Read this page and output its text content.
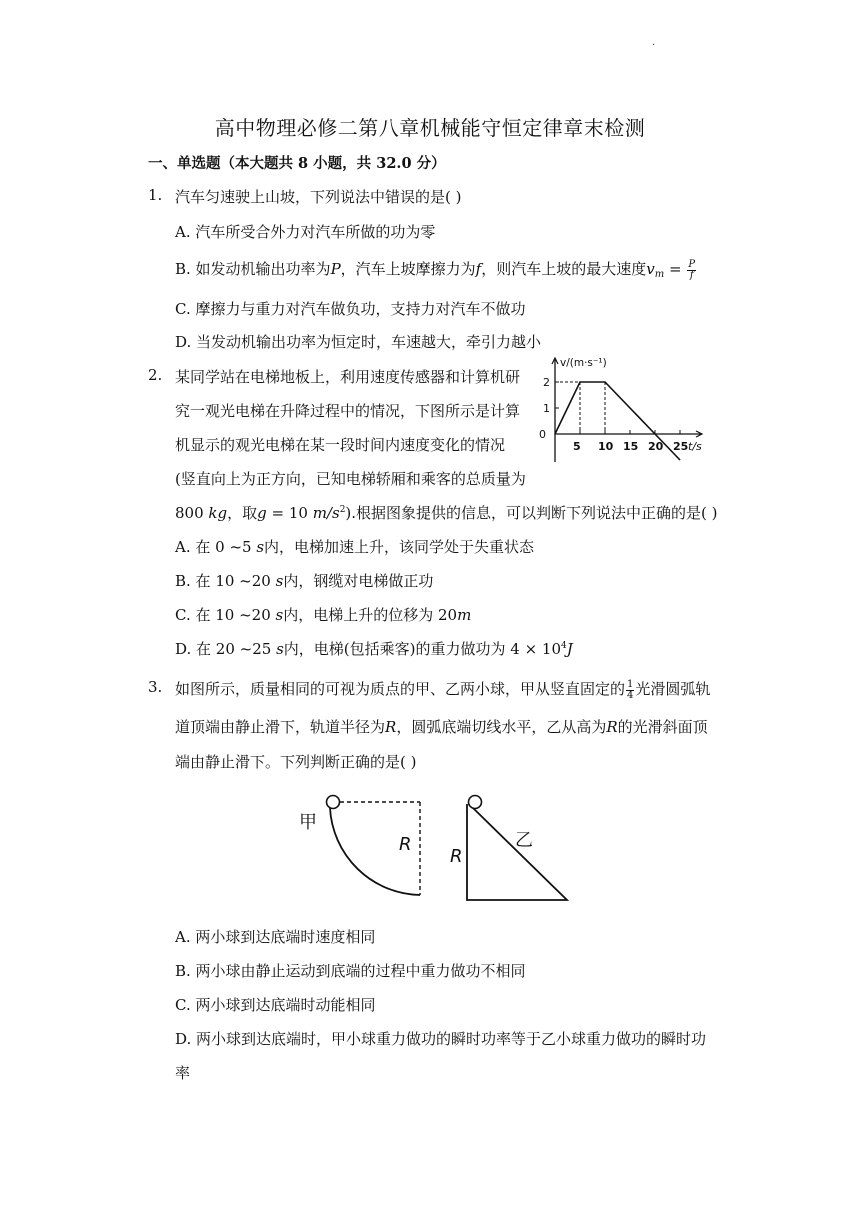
·
高中物理必修二第八章机械能守恒定律章末检测
一、单选题（本大题共 8 小题，共 32.0 分）
1. 汽车匀速驶上山坡，下列说法中错误的是( )
A. 汽车所受合外力对汽车所做的功为零
B. 如发动机输出功率为P，汽车上坡摩擦力为f，则汽车上坡的最大速度$v_m = \frac{P}{f}$
C. 摩擦力与重力对汽车做负功，支持力对汽车不做功
D. 当发动机输出功率为恒定时，车速越大，牵引力越小
2. 某同学站在电梯地板上，利用速度传感器和计算机研
究一观光电梯在升降过程中的情况，下图所示是计算
机显示的观光电梯在某一段时间内速度变化的情况
(竖直向上为正方向，已知电梯轿厢和乘客的总质量为
800 kg，取g = 10 $m/s^2$).根据图象提供的信息，可以判断下列说法中正确的是( )
A. 在 0 ~5 s内，电梯加速上升，该同学处于失重状态
B. 在 10 ~20 s内，钢缆对电梯做正功
C. 在 10 ~20 s内，电梯上升的位移为 20m
D. 在 20 ~25 s内，电梯(包括乘客)的重力做功为 $4 \times 10^4J$
v/(m·s⁻¹)
0
1
2
5 10 15 20 25 t/s
3. 如图所示，质量相同的可视为质点的甲、乙两小球，甲从竖直固定的 $\frac{1}{4}$ 光滑圆弧轨
道顶端由静止滑下，轨道半径为R，圆弧底端切线水平，乙从高为R的光滑斜面顶
端由静止滑下。下列判断正确的是( )
甲
R
R
乙
A. 两小球到达底端时速度相同
B. 两小球由静止运动到底端的过程中重力做功不相同
C. 两小球到达底端时动能相同
D. 两小球到达底端时，甲小球重力做功的瞬时功率等于乙小球重力做功的瞬时功
率
